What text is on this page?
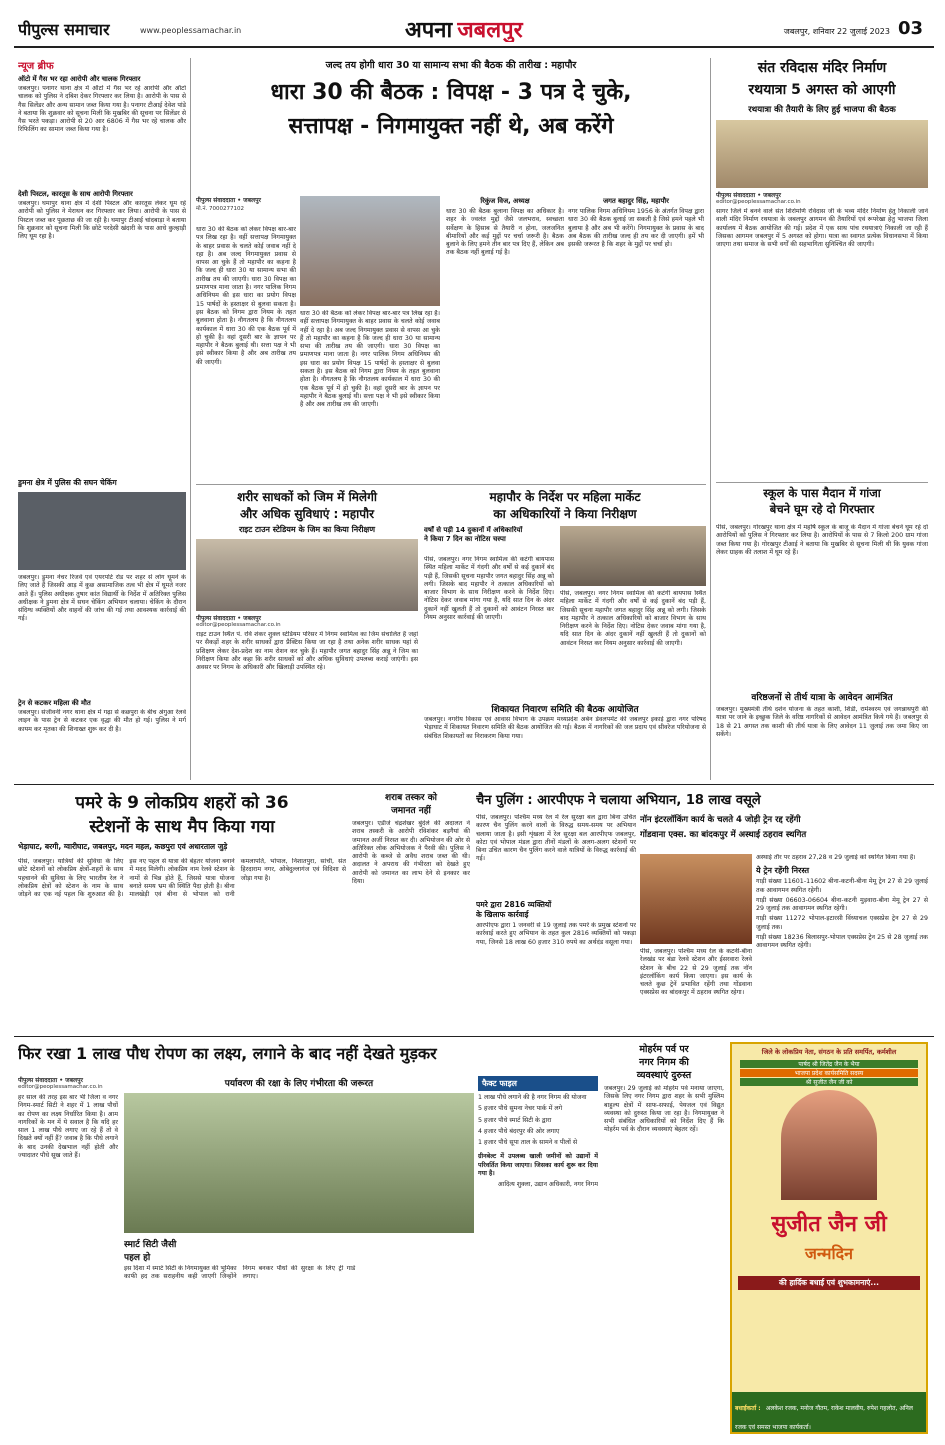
पीपुल्स समाचार	www.peoplessamachar.in	अपना जबलपुर	जबलपुर, शनिवार 22 जुलाई 2023 03
न्यूज ब्रीफ
ऑटो में गैस भर रहा आरोपी और चालक गिरफ्तार
जबलपुर। पनागर थाना क्षेत्र में ऑटो में गैस भर रहे आरोपी और ऑटो चालक को पुलिस ने दबिश देकर गिरफ्तार कर लिया है। आरोपी के पास से गैस सिलेंडर और अन्य सामान जब्त किया गया है। पनागर टीआई देवेश पांडे ने बताया कि शुक्रवार को सूचना मिली कि मुखबिर की सूचना पर सिलेंडर से गैस भरते पकड़ा। आरोपी से 20 आर 6806 में गैस भर रहे चालक और रिफिलिंग का सामान जब्त किया गया है।
देशी पिस्टल, कारतूस के साथ आरोपी गिरफ्तार
जबलपुर। घमापुर थाना क्षेत्र में देशी पिस्टल और कारतूस लेकर घूम रहे आरोपी को पुलिस ने मेराथन कर गिरफ्तार कर लिया। आरोपी के पास से पिस्टल जब्त कर पूछताछ की जा रही है। घमापुर टीआई चांदबाड़ा ने बताया कि शुक्रवार को सूचना मिली कि छोटे परदेसी खंदारी के पास आधे कुल्हाड़ी लिए घूम रहा है।
डुमना क्षेत्र में पुलिस की सघन चेकिंग
जबलपुर। डुमना नेचर रिजर्व एवं एयरपोर्ट रोड पर शहर से लोग घूमने के लिए जाते हैं जिसकी आड़ में कुछ असामाजिक तत्व भी क्षेत्र में घूमते नजर आते हैं। पुलिस अधीक्षक तुषार कांत विद्यार्थी के निर्देश में अतिरिक्त पुलिस अधीक्षक ने डुमना क्षेत्र में सघन चेकिंग अभियान चलाया। चेकिंग के दौरान संदिग्ध व्यक्तियों और वाहनों की जांच की गई तथा आवश्यक कार्रवाई की गई।
ट्रेन से कटकर महिला की मौत
जबलपुर। संजीवनी नगर थाना क्षेत्र में गढ़ा से कछपुरा के बीच अंगुआ रेलवे लाइन के पास ट्रेन से कटकर एक वृद्धा की मौत हो गई। पुलिस ने मर्ग कायम कर मृतका की शिनाख्त शुरू कर दी है।
जल्द तय होगी धारा 30 या सामान्य सभा की बैठक की तारीख : महापौर
धारा 30 की बैठक : विपक्ष - 3 पत्र दे चुके,
सत्तापक्ष - निगमायुक्त नहीं थे, अब करेंगे
पीपुल्स संवाददाता • जबलपुर
मो.नं. 7000277102
धारा 30 की बैठक को लेकर विपक्ष बार-बार पत्र लिख रहा है। वहीं सत्तापक्ष निगमायुक्त के बाहर प्रवास के चलते कोई जवाब नहीं दे रहा है। अब जल्द निगमायुक्त प्रवास से वापस आ चुके हैं तो महापौर का कहना है कि जल्द ही धारा 30 या सामान्य सभा की तारीख तय की जाएगी। धारा 30 विपक्ष का प्रमाणपत्र माना जाता है। नगर पालिक निगम अधिनियम की इस धारा का प्रयोग विपक्ष 15 पार्षदों के हस्ताक्षर से बुलवा सकता है। इस बैठक को निगम द्वारा नियम के तहत बुलवाना होता है। नौगतलय है कि नौगतलय कार्यकाल में धारा 30 की एक बैठक पूर्व में हो चुकी है। वहां दूसरी बार के ज्ञापन पर महापौर ने बैठक बुलाई थी। सत्ता पक्ष ने भी इसे स्वीकार किया है और अब तारीख तय की जाएगी।
धारा 30 की बैठक को लेकर विपक्ष बार-बार पत्र लिख रहा है। वहीं सत्तापक्ष निगमायुक्त के बाहर प्रवास के चलते कोई जवाब नहीं दे रहा है। अब जल्द निगमायुक्त प्रवास से वापस आ चुके हैं तो महापौर का कहना है कि जल्द ही धारा 30 या सामान्य सभा की तारीख तय की जाएगी। धारा 30 विपक्ष का प्रमाणपत्र माना जाता है। नगर पालिक निगम अधिनियम की इस धारा का प्रयोग विपक्ष 15 पार्षदों के हस्ताक्षर से बुलवा सकता है। इस बैठक को निगम द्वारा नियम के तहत बुलवाना होता है। नौगतलय है कि नौगतलय कार्यकाल में धारा 30 की एक बैठक पूर्व में हो चुकी है। वहां दूसरी बार के ज्ञापन पर महापौर ने बैठक बुलाई थी। सत्ता पक्ष ने भी इसे स्वीकार किया है और अब तारीख तय की जाएगी।
रिकुंज विज, अध्यक्ष
धारा 30 की बैठक बुलाना विपक्ष का अधिकार है। शहर के ज्वलंत मुद्दों जैसे जलभराव, स्वच्छता सर्वेक्षण के हिसाब से तैयारी न होना, जलजनित बीमारियों और कई मुद्दों पर चर्चा जरूरी है। बैठक बुलाने के लिए हमने तीन बार पत्र दिए हैं, लेकिन अब तक बैठक नहीं बुलाई गई है।
जगत बहादुर सिंह, महापौर
नगर पालिक निगम अधिनियम 1956 के अंतर्गत विपक्ष द्वारा धारा 30 की बैठक बुलाई जा सकती है जिसे हमने पहले भी बुलाया है और अब भी करेंगे। निगमायुक्त के प्रवास के बाद अब बैठक की तारीख जल्द ही तय कर दी जाएगी। हमें भी इसकी जरूरत है कि शहर के मुद्दों पर चर्चा हो।
संत रविदास मंदिर निर्माण
रथयात्रा 5 अगस्त को आएगी
रथयात्रा की तैयारी के लिए हुई भाजपा की बैठक
पीपुल्स संवाददाता • जबलपुर
editor@peoplessamachar.co.in
सागर जिले में बनने वाले संत शिरोमणि रविदास जी के भव्य मंदिर निर्माण हेतु निकाली जाने वाली मंदिर निर्माण रथयात्रा के जबलपुर आगमन की तैयारियों एवं रूपरेखा हेतु भाजपा जिला कार्यालय में बैठक आयोजित की गई। प्रदेश में एक साथ पांच रथयात्राएं निकाली जा रही हैं जिसका आगमन जबलपुर में 5 अगस्त को होगा। यात्रा का स्वागत प्रत्येक विधानसभा में किया जाएगा तथा समाज के सभी वर्गों की सहभागिता सुनिश्चित की जाएगी।
शरीर साधकों को जिम में मिलेगी
और अधिक सुविधाएं : महापौर
राइट टाउन स्टेडियम के जिम का किया निरीक्षण
पीपुल्स संवाददाता • जबलपुर
editor@peoplessamachar.co.in
राइट टाउन स्थित पं. रवि शंकर शुक्ल स्टेडियम परिसर में निगम स्वामित्व का जिम संचालित है जहां पर सैकड़ों शहर के शरीर साधकों द्वारा प्रैक्टिस किया जा रहा है तथा अनेक शरीर साधक यहां से प्रशिक्षण लेकर देश-प्रदेश का नाम रोशन कर चुके हैं। महापौर जगत बहादुर सिंह अन्नू ने जिम का निरीक्षण किया और कहा कि शरीर साधकों को और अधिक सुविधाएं उपलब्ध कराई जाएंगी। इस अवसर पर निगम के अधिकारी और खिलाड़ी उपस्थित रहे।
महापौर के निर्देश पर महिला मार्केट
का अधिकारियों ने किया निरीक्षण
वर्षों से पड़ी 14 दुकानों में अधिकारियों
ने किया 7 दिन का नोटिस चस्पा
पीसं, जबलपुर। नगर निगम स्वामित्व की कटंगी बायपास स्थित महिला मार्केट में गंदगी और वर्षों से कई दुकानें बंद पड़ी हैं, जिसकी सूचना महापौर जगत बहादुर सिंह अन्नू को लगी। जिसके बाद महापौर ने तत्काल अधिकारियों को बाजार विभाग के साथ निरीक्षण करने के निर्देश दिए। नोटिस देकर जवाब मांगा गया है, यदि सात दिन के अंदर दुकानें नहीं खुलती हैं तो दुकानों को आवंटन निरस्त कर नियम अनुसार कार्रवाई की जाएगी।
पीसं, जबलपुर। नगर निगम स्वामित्व की कटंगी बायपास स्थित महिला मार्केट में गंदगी और वर्षों से कई दुकानें बंद पड़ी हैं, जिसकी सूचना महापौर जगत बहादुर सिंह अन्नू को लगी। जिसके बाद महापौर ने तत्काल अधिकारियों को बाजार विभाग के साथ निरीक्षण करने के निर्देश दिए। नोटिस देकर जवाब मांगा गया है, यदि सात दिन के अंदर दुकानें नहीं खुलती हैं तो दुकानों को आवंटन निरस्त कर नियम अनुसार कार्रवाई की जाएगी।
शिकायत निवारण समिति की बैठक आयोजित
जबलपुर। नगरीय विकास एवं आवास विभाग के उपक्रम मध्यप्रदेश अर्बन डेवलपमेंट की जबलपुर इकाई द्वारा नगर परिषद भेड़ाघाट में शिकायत निवारण समिति की बैठक आयोजित की गई। बैठक में नागरिकों की जल प्रदाय एवं सीवरेज परियोजना से संबंधित शिकायतों का निराकरण किया गया।
स्कूल के पास मैदान में गांजा
बेचने घूम रहे दो गिरफ्तार
पीसं, जबलपुर। गोरखपुर थाना क्षेत्र में महर्षि स्कूल के बाजू के मैदान में गांजा बेचने घूम रहे दो आरोपियों को पुलिस ने गिरफ्तार कर लिया है। आरोपियों के पास से 7 किलो 200 ग्राम गांजा जब्त किया गया है। गोरखपुर टीआई ने बताया कि मुखबिर से सूचना मिली थी कि युवक गांजा लेकर ग्राहक की तलाश में घूम रहे हैं।
वरिष्ठजनों से तीर्थ यात्रा के आवेदन आमंत्रित
जबलपुर। मुख्यमंत्री तीर्थ दर्शन योजना के तहत काशी, शिर्डी, रामेश्वरम एवं जगन्नाथपुरी की यात्रा पर जाने के इच्छुक जिले के वरिष्ठ नागरिकों से आवेदन आमंत्रित किये गये हैं। जबलपुर से 18 से 21 अगस्त तक काशी की तीर्थ यात्रा के लिए आवेदन 11 जुलाई तक जमा किए जा सकेंगे।
पमरे के 9 लोकप्रिय शहरों को 36
स्टेशनों के साथ मैप किया गया
भेड़ाघाट, बरगी, ग्वारीघाट, जबलपुर, मदन महल, कछपुरा एवं अधारताल जुड़े
पीसं, जबलपुर। यात्रियों की सुविधा के लिए छोटे स्टेशनों को लोकप्रिय क्षेत्रों-शहरों के साथ पहचानने की सुविधा के लिए भारतीय रेल ने लोकप्रिय क्षेत्रों को स्टेशन के नाम के साथ जोड़ने का एक नई पहल कि शुरुआत की है। इस नए पहल से यात्रा की बेहतर योजना बनाने में मदद मिलेगी। लोकप्रिय नाम रेलवे स्टेशन के नामों से भिन्न होते हैं, जिससे यात्रा योजना बनाते समय भ्रम की स्थिति पैदा होती है। बीना मालखेड़ी एवं बीना से भोपाल को रानी कमलापति, भोपाल, निशातपुरा, सांची, संत हिरदाराम नगर, ओबेदुल्लागंज एवं विदिशा से जोड़ा गया है।
शराब तस्कर को
जमानत नहीं
जबलपुर। एडीजे चंद्रशेखर बुंदेले की अदालत ने शराब तस्करी के आरोपी रविशंकर बड़गैयां की जमानत अर्जी निरस्त कर दी। अभियोजन की ओर से अतिरिक्त लोक अभियोजक ने पैरवी की। पुलिस ने आरोपी के कब्जे से अवैध शराब जब्त की थी। अदालत ने अपराध की गंभीरता को देखते हुए आरोपी को जमानत का लाभ देने से इनकार कर दिया।
चैन पुलिंग : आरपीएफ ने चलाया अभियान, 18 लाख वसूले
पीसं, जबलपुर। पश्चिम मध्य रेल में रेल सुरक्षा बल द्वारा बिना उचित कारण चैन पुलिंग करने वालों के विरुद्ध समय-समय पर अभियान चलाया जाता है। इसी शृंखला में रेल सुरक्षा बल आरपीएफ जबलपुर, कोटा एवं भोपाल मंडल द्वारा तीनों मंडलों के अलग-अलग स्टेशनों पर बिना उचित कारण चैन पुलिंग करने वाले यात्रियों के विरुद्ध कार्रवाई की गई।
पमरे द्वारा 2816 व्यक्तियों
के खिलाफ कार्रवाई
आरपीएफ द्वारा 1 जनवरी से 19 जुलाई तक पमरे के प्रमुख स्टेशनों पर कार्रवाई करते हुए अभियान के तहत कुल 2816 व्यक्तियों को पकड़ा गया, जिनसे 18 लाख 60 हजार 310 रुपये का अर्थदंड वसूला गया।
नॉन इंटरलॉकिंग कार्य के चलते 4 जोड़ी ट्रेन रद्द रहेंगी
गोंडवाना एक्स. का बांदकपुर में अस्थाई ठहराव स्थगित
अस्थाई तौर पर ठहराव 27,28 व 29 जुलाई को स्थगित किया गया है।
ये ट्रेन रहेंगी निरस्त
गाड़ी संख्या 11601-11602 बीना-कटनी-बीना मेमू ट्रेन 27 से 29 जुलाई तक आवागमन स्थगित रहेगी।
गाड़ी संख्या 06603-06604 बीना-कटनी मुड़वारा-बीना मेमू ट्रेन 27 से 29 जुलाई तक आवागमन स्थगित रहेगी।
गाड़ी संख्या 11272 भोपाल-इटारसी विंध्याचल एक्सप्रेस ट्रेन 27 से 29 जुलाई तक।
गाड़ी संख्या 18236 बिलासपुर-भोपाल एक्सप्रेस ट्रेन 25 से 28 जुलाई तक आवागमन स्थगित रहेगी।
पीसं, जबलपुर। पश्चिम मध्य रेल के कटनी-बीना रेलखंड पर बंडा रेलवे स्टेशन और ईसरवारा रेलवे स्टेशन के बीच 22 से 29 जुलाई तक नॉन इंटरलॉकिंग कार्य किया जाएगा। इस कार्य के चलते कुछ ट्रेनें प्रभावित रहेंगी तथा गोंडवाना एक्सप्रेस का बांदकपुर में ठहराव स्थगित रहेगा।
फिर रखा 1 लाख पौध रोपण का लक्ष्य, लगाने के बाद नहीं देखते मुड़कर
पीपुल्स संवाददाता • जबलपुर
editor@peoplessamachar.co.in
हर साल की तरह इस बार भी जिला व नगर निगम-स्मार्ट सिटी ने शहर में 1 लाख पौधों का रोपण का लक्ष्य निर्धारित किया है। आम नागरिकों के मन में ये सवाल है कि यदि हर साल 1 लाख पौधे लगाए जा रहे हैं तो वे दिखते क्यों नहीं हैं? जवाब है कि पौधे लगाने के बाद उनकी देखभाल नहीं होती और ज्यादातर पौधे सूख जाते हैं।
पर्यावरण की रक्षा के लिए गंभीरता की जरूरत
स्मार्ट सिटी जैसी
पहल हो
इस दिशा में स्मार्ट सिटी के निगमायुक्त की भूमिका काफी हद तक सराहनीय कही जाएगी जिन्होंने निगम बनकर पौधों की सुरक्षा के लिए ट्री गार्ड लगाए।
फैक्ट फाइल
1 लाख पौधे लगाने की है नगर निगम की योजना
5 हजार पौधे सुमना नेचर पार्क में लगे
5 हजार पौधे स्मार्ट सिटी के द्वारा
4 हजार पौधे बंदरपुर की ओर लगाए
1 हजार पौधे सूपा ताल के सामने व पीलों से
ग्रीनबेल्ट में उपलब्ध खाली जमीनों को उद्यानों में परिवर्तित किया जाएगा। जिसका कार्य शुरू कर दिया गया है।
आदित्य शुक्ला, उद्यान अधिकारी, नगर निगम
मोहर्रम पर्व पर
नगर निगम की
व्यवस्थाएं दुरुस्त
जबलपुर। 29 जुलाई को मोहर्रम पर्व मनाया जाएगा, जिसके लिए नगर निगम द्वारा शहर के सभी मुस्लिम बाहुल्य क्षेत्रों में साफ-सफाई, पेयजल एवं विद्युत व्यवस्था को दुरुस्त किया जा रहा है। निगमायुक्त ने सभी संबंधित अधिकारियों को निर्देश दिए हैं कि मोहर्रम पर्व के दौरान व्यवस्थाएं बेहतर रहें।
जिले के लोकप्रिय नेता, संगठन के प्रति समर्पित, कर्मशील
पार्षद श्री जितेंद्र जैन के भैया
भाजपा प्रदेश कार्यसमिति सदस्य
श्री सुजीत जैन जी को
सुजीत जैन जी
जन्मदिन
की हार्दिक बधाई एवं शुभकामनाएं...
बधाईकर्ता : अलकेश रजक, मनोज गौतम, राकेश मालवीय, रुपेश गहलोत, अनिल रजक एवं समस्त भाजपा कार्यकर्ता।
